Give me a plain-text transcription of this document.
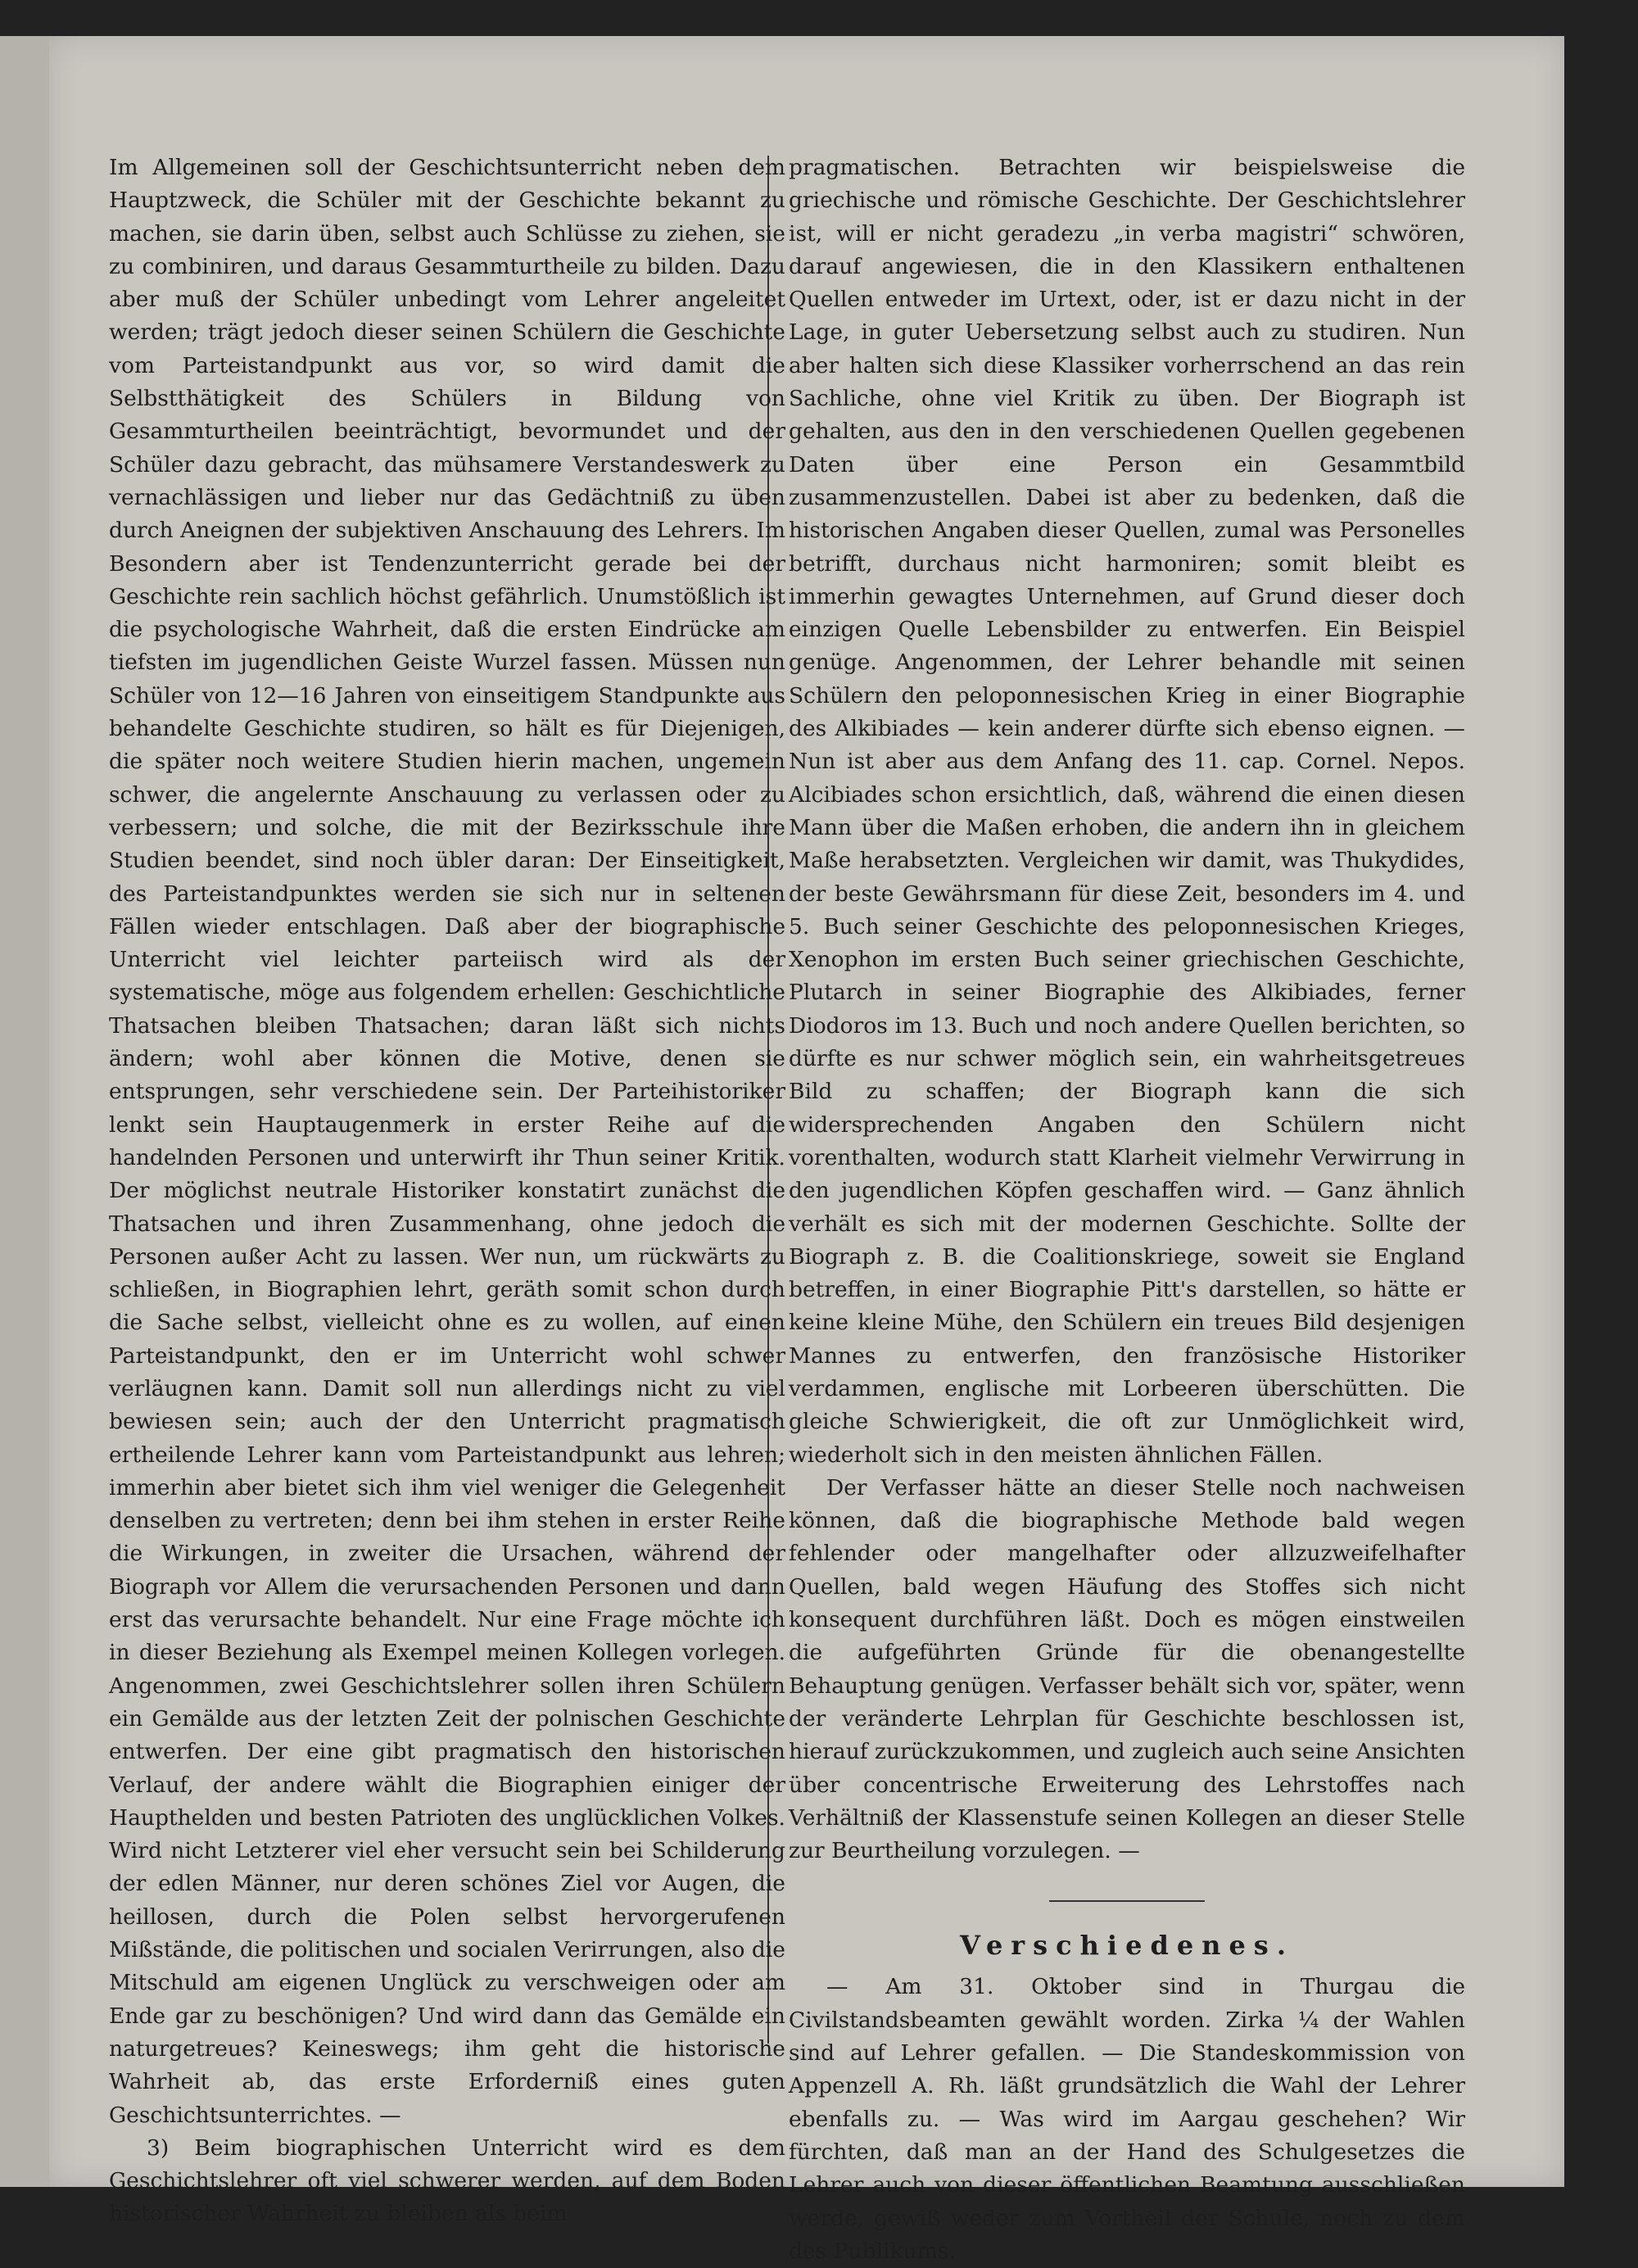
Im Allgemeinen soll der Geschichtsunterricht neben dem Hauptzweck, die Schüler mit der Geschichte bekannt zu machen, sie darin üben, selbst auch Schlüsse zu ziehen, sie zu combiniren, und daraus Gesammturtheile zu bilden. Dazu aber muß der Schüler unbedingt vom Lehrer angeleitet werden; trägt jedoch dieser seinen Schülern die Geschichte vom Parteistandpunkt aus vor, so wird damit die Selbstthätigkeit des Schülers in Bildung von Gesammturtheilen beeinträchtigt, bevormundet und der Schüler dazu gebracht, das mühsamere Verstandeswerk zu vernachlässigen und lieber nur das Gedächtniß zu üben durch Aneignen der subjektiven Anschauung des Lehrers. Im Besondern aber ist Tendenzunterricht gerade bei der Geschichte rein sachlich höchst gefährlich. Unumstößlich ist die psychologische Wahrheit, daß die ersten Eindrücke am tiefsten im jugendlichen Geiste Wurzel fassen. Müssen nun Schüler von 12—16 Jahren von einseitigem Standpunkte aus behandelte Geschichte studiren, so hält es für Diejenigen, die später noch weitere Studien hierin machen, ungemein schwer, die angelernte Anschauung zu verlassen oder zu verbessern; und solche, die mit der Bezirksschule ihre Studien beendet, sind noch übler daran: Der Einseitigkeit, des Parteistandpunktes werden sie sich nur in seltenen Fällen wieder entschlagen. Daß aber der biographische Unterricht viel leichter parteiisch wird als der systematische, möge aus folgendem erhellen: Geschichtliche Thatsachen bleiben Thatsachen; daran läßt sich nichts ändern; wohl aber können die Motive, denen sie entsprungen, sehr verschiedene sein. Der Parteihistoriker lenkt sein Hauptaugenmerk in erster Reihe auf die handelnden Personen und unterwirft ihr Thun seiner Kritik. Der möglichst neutrale Historiker konstatirt zunächst die Thatsachen und ihren Zusammenhang, ohne jedoch die Personen außer Acht zu lassen. Wer nun, um rückwärts zu schließen, in Biographien lehrt, geräth somit schon durch die Sache selbst, vielleicht ohne es zu wollen, auf einen Parteistandpunkt, den er im Unterricht wohl schwer verläugnen kann. Damit soll nun allerdings nicht zu viel bewiesen sein; auch der den Unterricht pragmatisch ertheilende Lehrer kann vom Parteistandpunkt aus lehren; immerhin aber bietet sich ihm viel weniger die Gelegenheit denselben zu vertreten; denn bei ihm stehen in erster Reihe die Wirkungen, in zweiter die Ursachen, während der Biograph vor Allem die verursachenden Personen und dann erst das verursachte behandelt. Nur eine Frage möchte ich in dieser Beziehung als Exempel meinen Kollegen vorlegen. Angenommen, zwei Geschichtslehrer sollen ihren Schülern ein Gemälde aus der letzten Zeit der polnischen Geschichte entwerfen. Der eine gibt pragmatisch den historischen Verlauf, der andere wählt die Biographien einiger der Haupthelden und besten Patrioten des unglücklichen Volkes. Wird nicht Letzterer viel eher versucht sein bei Schilderung der edlen Männer, nur deren schönes Ziel vor Augen, die heillosen, durch die Polen selbst hervorgerufenen Mißstände, die politischen und socialen Verirrungen, also die Mitschuld am eigenen Unglück zu verschweigen oder am Ende gar zu beschönigen? Und wird dann das Gemälde ein naturgetreues? Keineswegs; ihm geht die historische Wahrheit ab, das erste Erforderniß eines guten Geschichtsunterrichtes. —

3) Beim biographischen Unterricht wird es dem Geschichtslehrer oft viel schwerer werden, auf dem Boden historischer Wahrheit zu bleiben als beim

pragmatischen. Betrachten wir beispielsweise die griechische und römische Geschichte. Der Geschichtslehrer ist, will er nicht geradezu „in verba magistri“ schwören, darauf angewiesen, die in den Klassikern enthaltenen Quellen entweder im Urtext, oder, ist er dazu nicht in der Lage, in guter Uebersetzung selbst auch zu studiren. Nun aber halten sich diese Klassiker vorherrschend an das rein Sachliche, ohne viel Kritik zu üben. Der Biograph ist gehalten, aus den in den verschiedenen Quellen gegebenen Daten über eine Person ein Gesammtbild zusammenzustellen. Dabei ist aber zu bedenken, daß die historischen Angaben dieser Quellen, zumal was Personelles betrifft, durchaus nicht harmoniren; somit bleibt es immerhin gewagtes Unternehmen, auf Grund dieser doch einzigen Quelle Lebensbilder zu entwerfen. Ein Beispiel genüge. Angenommen, der Lehrer behandle mit seinen Schülern den peloponnesischen Krieg in einer Biographie des Alkibiades — kein anderer dürfte sich ebenso eignen. — Nun ist aber aus dem Anfang des 11. cap. Cornel. Nepos. Alcibiades schon ersichtlich, daß, während die einen diesen Mann über die Maßen erhoben, die andern ihn in gleichem Maße herabsetzten. Vergleichen wir damit, was Thukydides, der beste Gewährsmann für diese Zeit, besonders im 4. und 5. Buch seiner Geschichte des peloponnesischen Krieges, Xenophon im ersten Buch seiner griechischen Geschichte, Plutarch in seiner Biographie des Alkibiades, ferner Diodoros im 13. Buch und noch andere Quellen berichten, so dürfte es nur schwer möglich sein, ein wahrheitsgetreues Bild zu schaffen; der Biograph kann die sich widersprechenden Angaben den Schülern nicht vorenthalten, wodurch statt Klarheit vielmehr Verwirrung in den jugendlichen Köpfen geschaffen wird. — Ganz ähnlich verhält es sich mit der modernen Geschichte. Sollte der Biograph z. B. die Coalitionskriege, soweit sie England betreffen, in einer Biographie Pitt's darstellen, so hätte er keine kleine Mühe, den Schülern ein treues Bild desjenigen Mannes zu entwerfen, den französische Historiker verdammen, englische mit Lorbeeren überschütten. Die gleiche Schwierigkeit, die oft zur Unmöglichkeit wird, wiederholt sich in den meisten ähnlichen Fällen.

Der Verfasser hätte an dieser Stelle noch nachweisen können, daß die biographische Methode bald wegen fehlender oder mangelhafter oder allzuzweifelhafter Quellen, bald wegen Häufung des Stoffes sich nicht konsequent durchführen läßt. Doch es mögen einstweilen die aufgeführten Gründe für die obenangestellte Behauptung genügen. Verfasser behält sich vor, später, wenn der veränderte Lehrplan für Geschichte beschlossen ist, hierauf zurückzukommen, und zugleich auch seine Ansichten über concentrische Erweiterung des Lehrstoffes nach Verhältniß der Klassenstufe seinen Kollegen an dieser Stelle zur Beurtheilung vorzulegen. —

Verschiedenes.

— Am 31. Oktober sind in Thurgau die Civilstandsbeamten gewählt worden. Zirka ¼ der Wahlen sind auf Lehrer gefallen. — Die Standeskommission von Appenzell A. Rh. läßt grundsätzlich die Wahl der Lehrer ebenfalls zu. — Was wird im Aargau geschehen? Wir fürchten, daß man an der Hand des Schulgesetzes die Lehrer auch von dieser öffentlichen Beamtung ausschließen werde, gewiß weder zum Vortheil der Schule, noch zu dem des Publikums.
